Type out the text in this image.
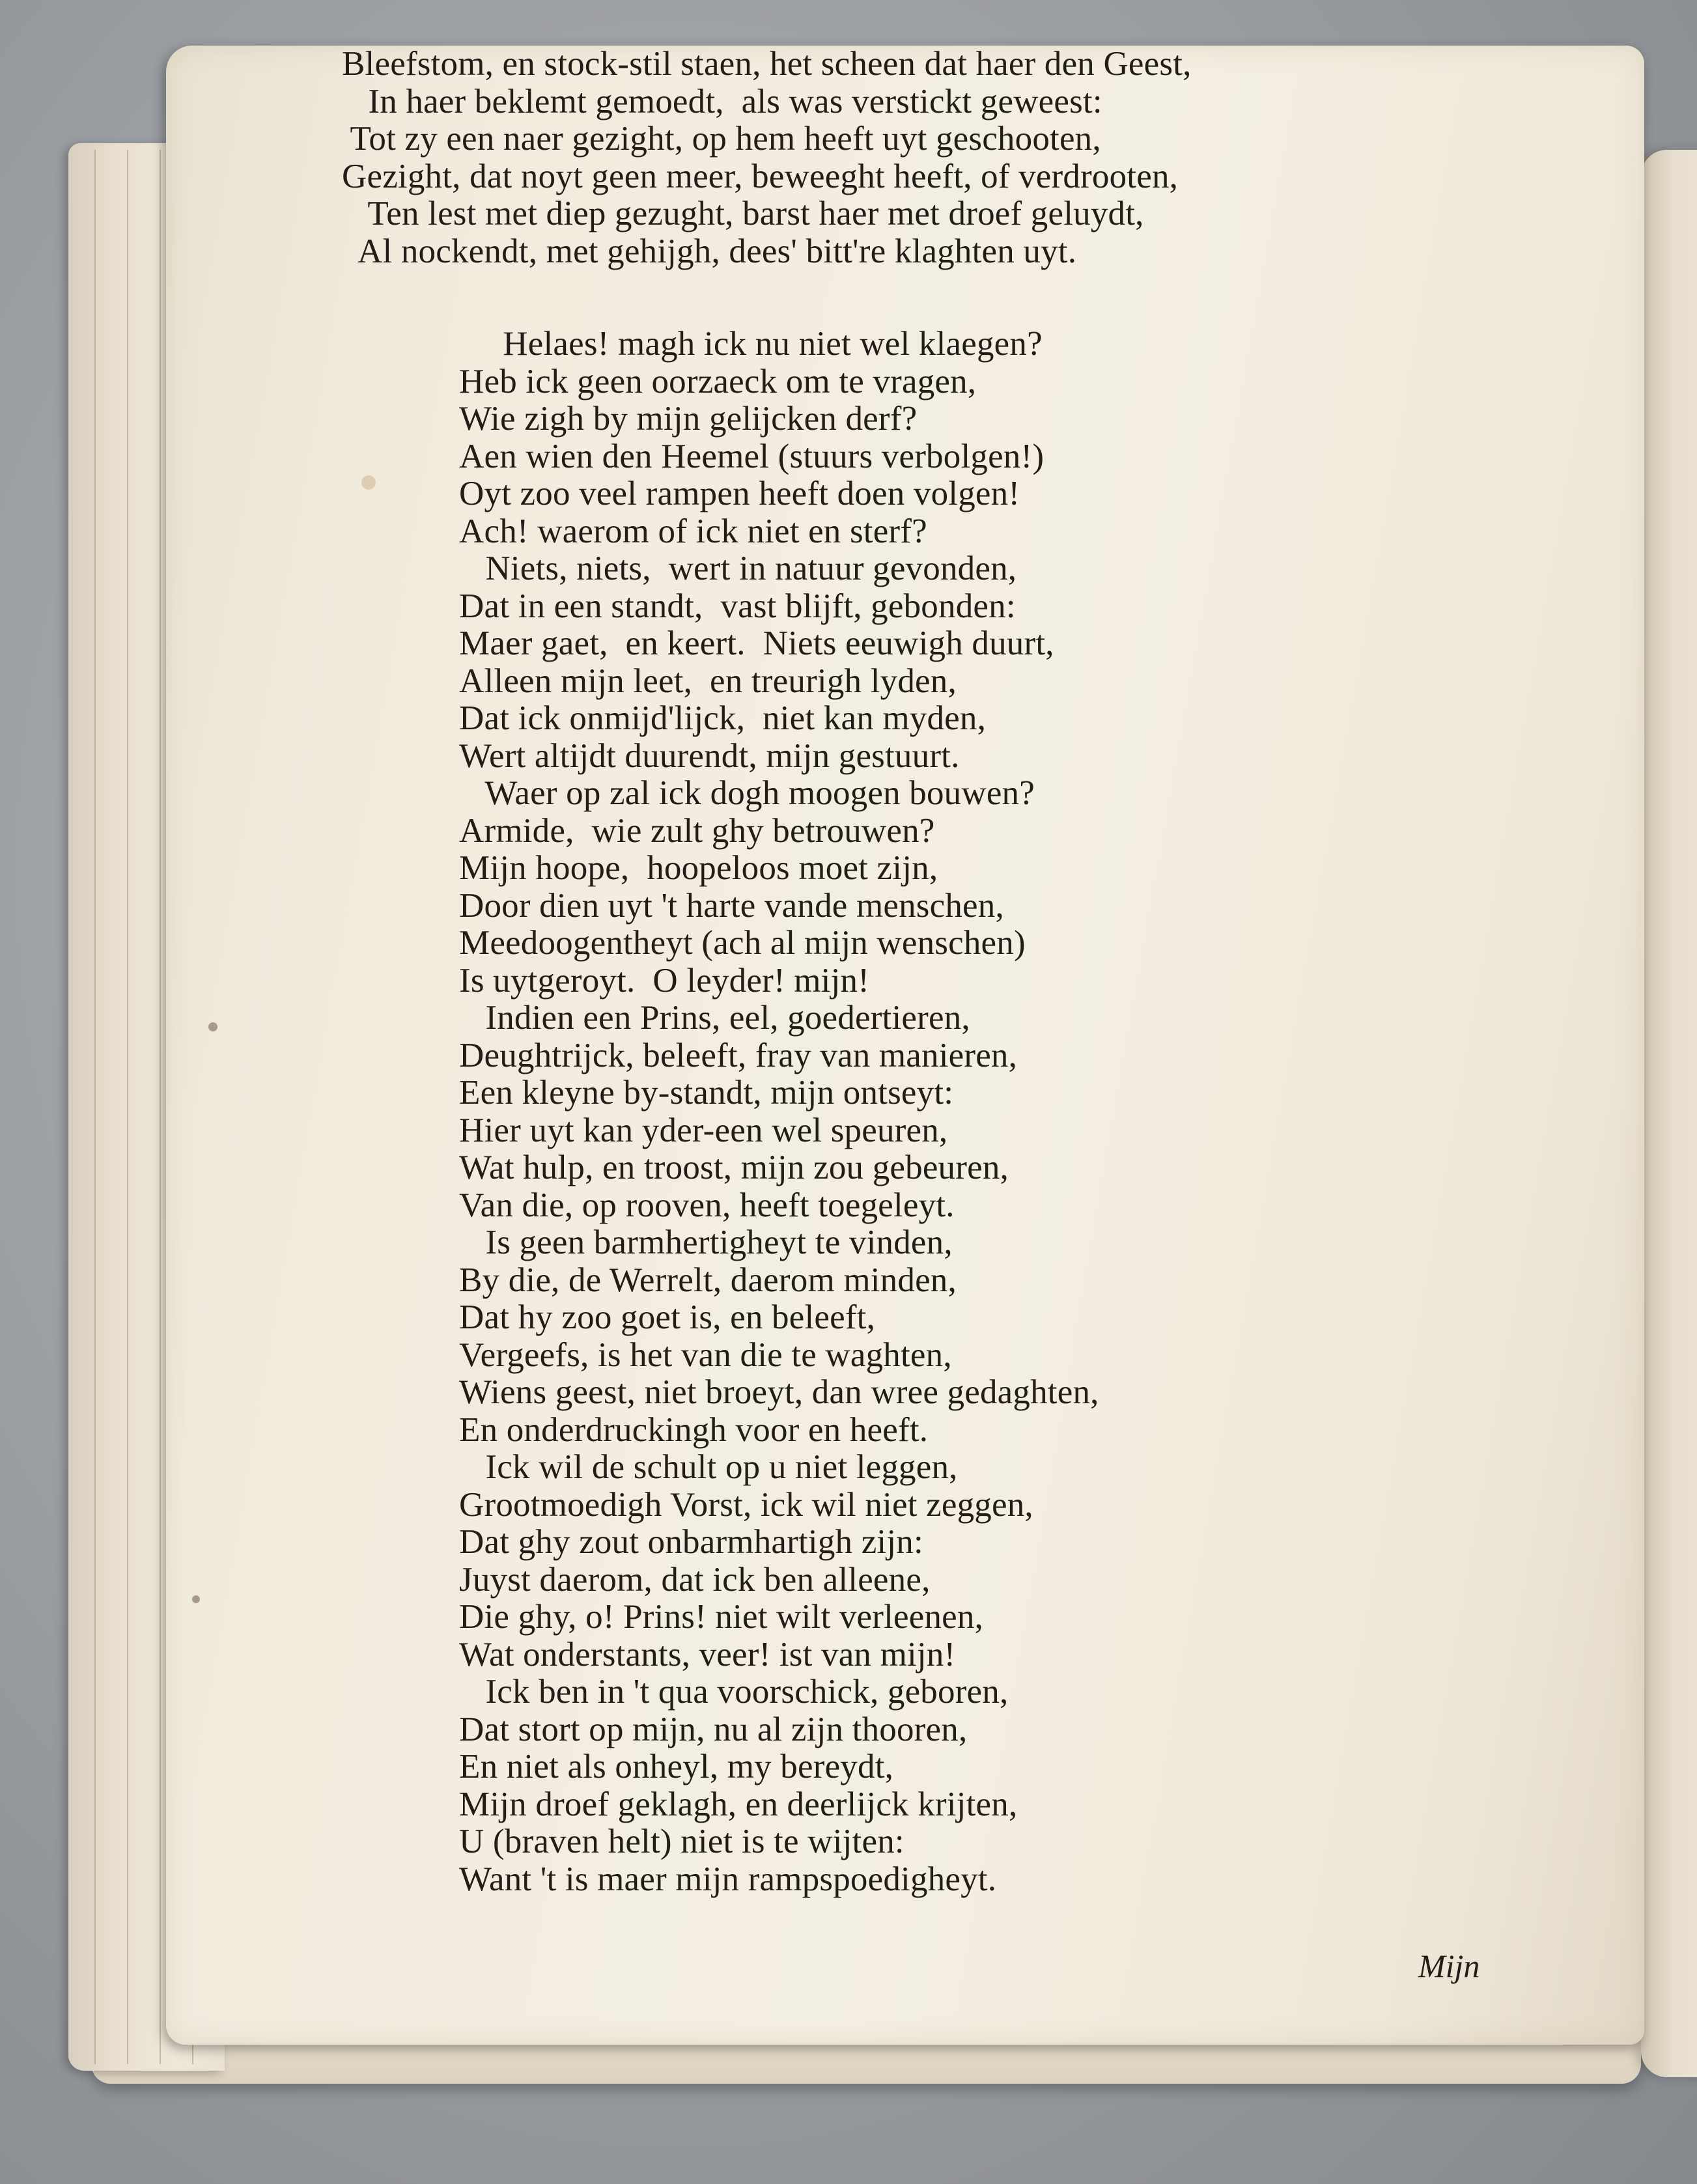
Bleefstom, en stock-stil staen, het scheen dat haer den Geest,
In haer beklemt gemoedt,  als was verstickt geweest:
Tot zy een naer gezight, op hem heeft uyt geschooten,
Gezight, dat noyt geen meer, beweeght heeft, of verdrooten,
Ten lest met diep gezught, barst haer met droef geluydt,
Al nockendt, met gehijgh, dees' bitt're klaghten uyt.
Helaes! magh ick nu niet wel klaegen?
Heb ick geen oorzaeck om te vragen,
Wie zigh by mijn gelijcken derf?
Aen wien den Heemel (stuurs verbolgen!)
Oyt zoo veel rampen heeft doen volgen!
Ach! waerom of ick niet en sterf?
Niets, niets,  wert in natuur gevonden,
Dat in een standt,  vast blijft, gebonden:
Maer gaet,  en keert.  Niets eeuwigh duurt,
Alleen mijn leet,  en treurigh lyden,
Dat ick onmijd'lijck,  niet kan myden,
Wert altijdt duurendt, mijn gestuurt.
Waer op zal ick dogh moogen bouwen?
Armide,  wie zult ghy betrouwen?
Mijn hoope,  hoopeloos moet zijn,
Door dien uyt 't harte vande menschen,
Meedoogentheyt (ach al mijn wenschen)
Is uytgeroyt.  O leyder! mijn!
Indien een Prins, eel, goedertieren,
Deughtrijck, beleeft, fray van manieren,
Een kleyne by-standt, mijn ontseyt:
Hier uyt kan yder-een wel speuren,
Wat hulp, en troost, mijn zou gebeuren,
Van die, op rooven, heeft toegeleyt.
Is geen barmhertigheyt te vinden,
By die, de Werrelt, daerom minden,
Dat hy zoo goet is, en beleeft,
Vergeefs, is het van die te waghten,
Wiens geest, niet broeyt, dan wree gedaghten,
En onderdruckingh voor en heeft.
Ick wil de schult op u niet leggen,
Grootmoedigh Vorst, ick wil niet zeggen,
Dat ghy zout onbarmhartigh zijn:
Juyst daerom, dat ick ben alleene,
Die ghy, o! Prins! niet wilt verleenen,
Wat onderstants, veer! ist van mijn!
Ick ben in 't qua voorschick, geboren,
Dat stort op mijn, nu al zijn thooren,
En niet als onheyl, my bereydt,
Mijn droef geklagh, en deerlijck krijten,
U (braven helt) niet is te wijten:
Want 't is maer mijn rampspoedigheyt.
Mijn
